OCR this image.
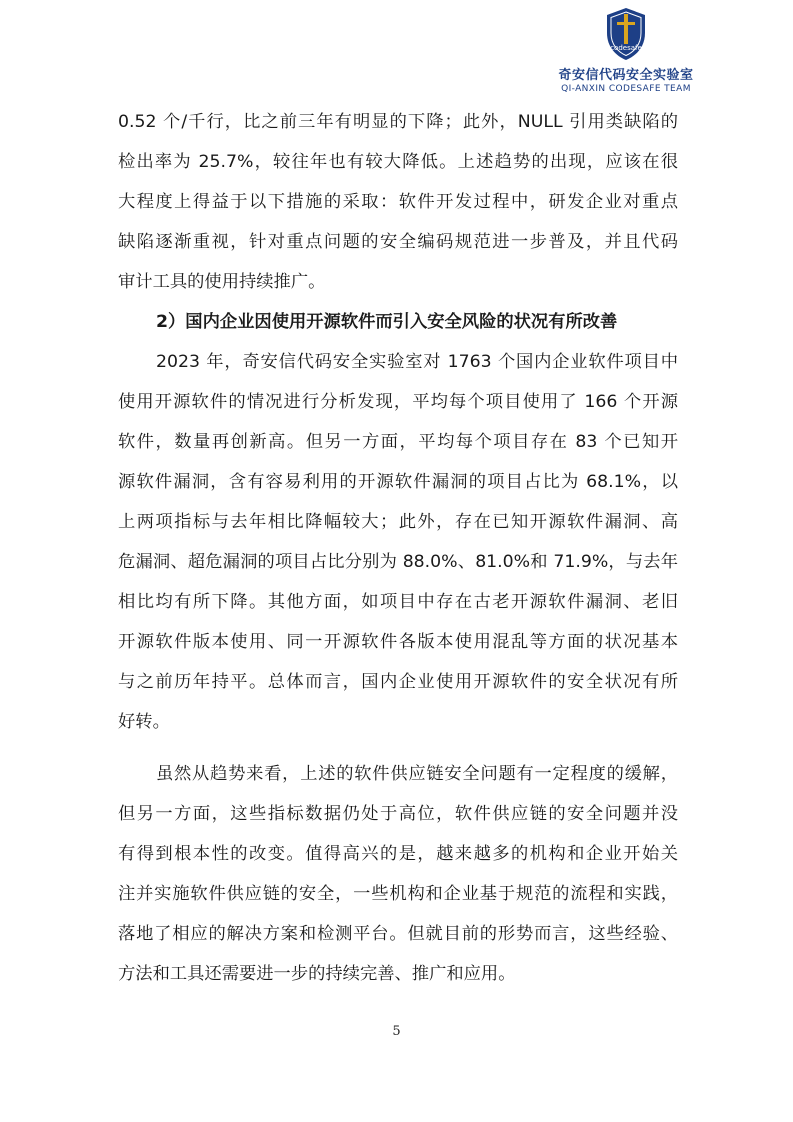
codesafe
奇安信代码安全实验室
QI-ANXIN CODESAFE TEAM
0.52 个/千行，比之前三年有明显的下降；此外，NULL 引用类缺陷的
检出率为 25.7%，较往年也有较大降低。上述趋势的出现，应该在很
大程度上得益于以下措施的采取：软件开发过程中，研发企业对重点
缺陷逐渐重视，针对重点问题的安全编码规范进一步普及，并且代码
审计工具的使用持续推广。
2）国内企业因使用开源软件而引入安全风险的状况有所改善
2023 年，奇安信代码安全实验室对 1763 个国内企业软件项目中
使用开源软件的情况进行分析发现，平均每个项目使用了 166 个开源
软件，数量再创新高。但另一方面，平均每个项目存在 83 个已知开
源软件漏洞，含有容易利用的开源软件漏洞的项目占比为 68.1%，以
上两项指标与去年相比降幅较大；此外，存在已知开源软件漏洞、高
危漏洞、超危漏洞的项目占比分别为 88.0%、81.0%和 71.9%，与去年
相比均有所下降。其他方面，如项目中存在古老开源软件漏洞、老旧
开源软件版本使用、同一开源软件各版本使用混乱等方面的状况基本
与之前历年持平。总体而言，国内企业使用开源软件的安全状况有所
好转。
虽然从趋势来看，上述的软件供应链安全问题有一定程度的缓解，
但另一方面，这些指标数据仍处于高位，软件供应链的安全问题并没
有得到根本性的改变。值得高兴的是，越来越多的机构和企业开始关
注并实施软件供应链的安全，一些机构和企业基于规范的流程和实践，
落地了相应的解决方案和检测平台。但就目前的形势而言，这些经验、
方法和工具还需要进一步的持续完善、推广和应用。
5
